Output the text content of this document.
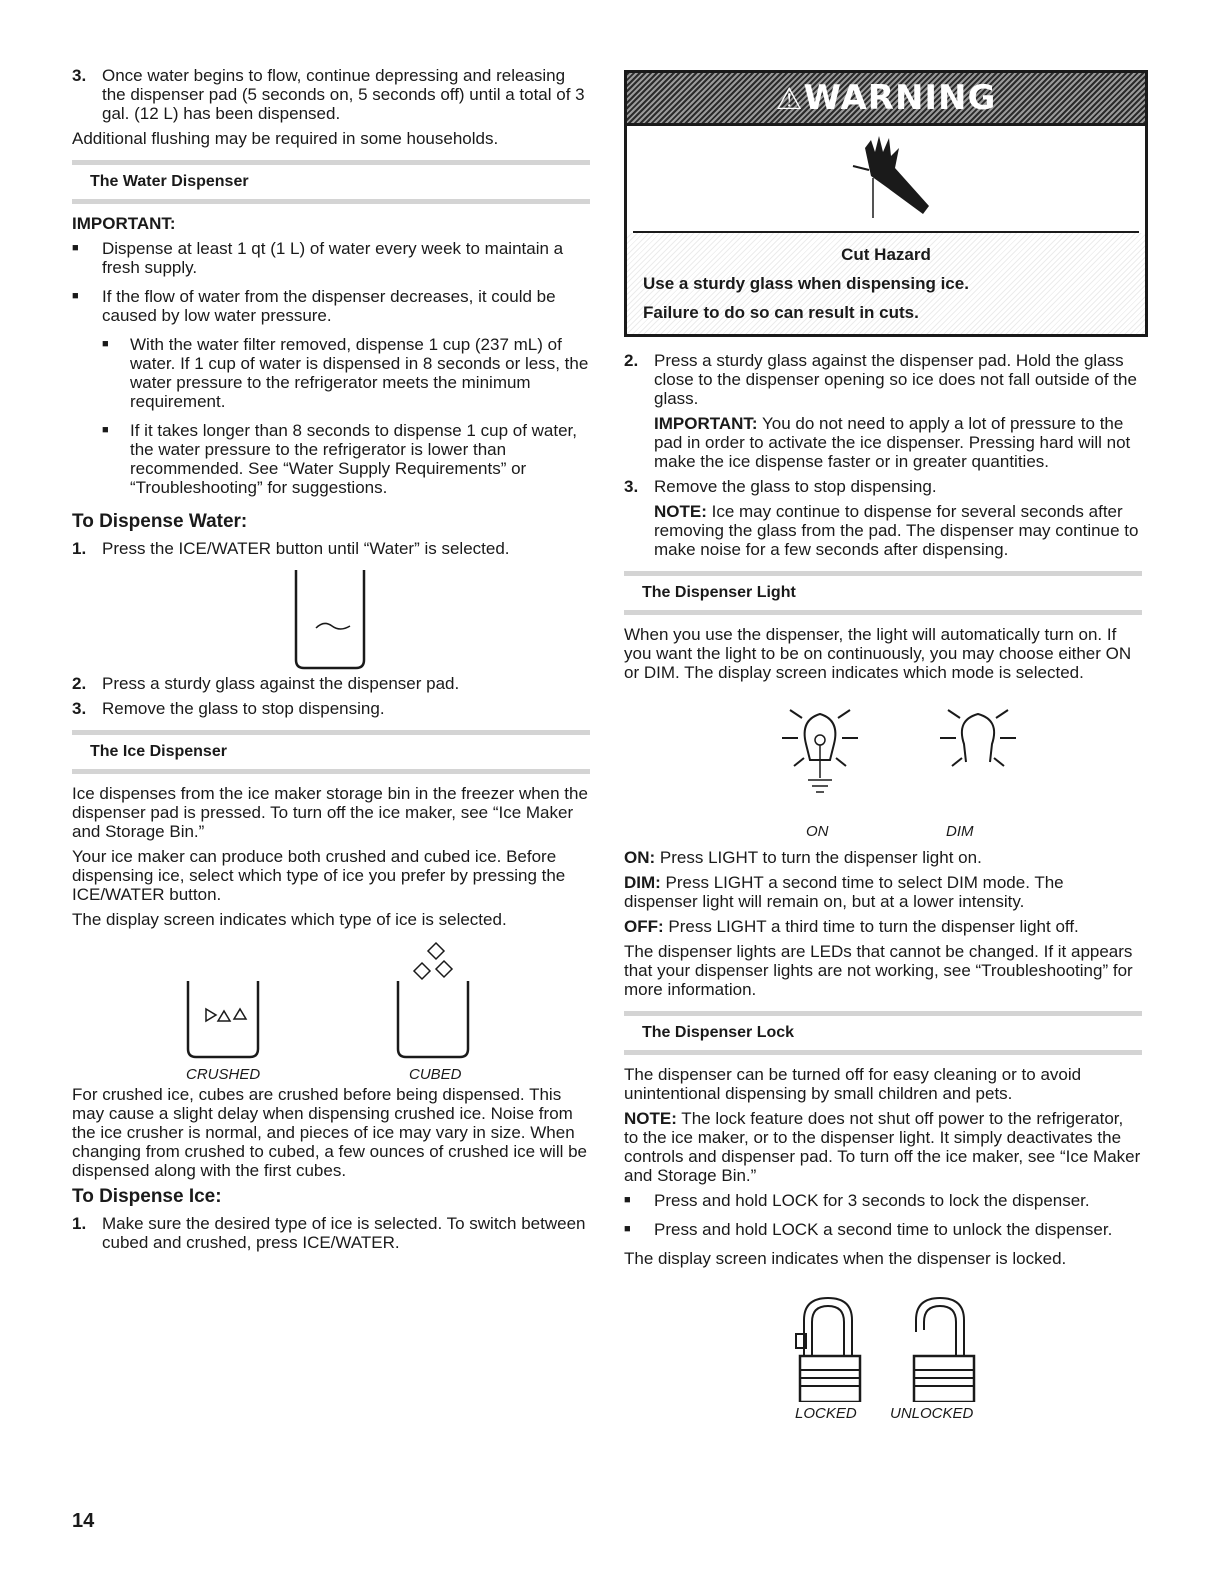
3. Once water begins to flow, continue depressing and releasing the dispenser pad (5 seconds on, 5 seconds off) until a total of 3 gal. (12 L) has been dispensed.

Additional flushing may be required in some households.

The Water Dispenser
IMPORTANT:
■	Dispense at least 1 qt (1 L) of water every week to maintain a fresh supply.
■	If the flow of water from the dispenser decreases, it could be caused by low water pressure.
■	With the water filter removed, dispense 1 cup (237 mL) of water. If 1 cup of water is dispensed in 8 seconds or less, the water pressure to the refrigerator meets the minimum requirement.
■	If it takes longer than 8 seconds to dispense 1 cup of water, the water pressure to the refrigerator is lower than recommended. See “Water Supply Requirements” or “Troubleshooting” for suggestions.
To Dispense Water:
1. Press the ICE/WATER button until “Water” is selected.
2. Press a sturdy glass against the dispenser pad.
3. Remove the glass to stop dispensing.
The Ice Dispenser

Ice dispenses from the ice maker storage bin in the freezer when the dispenser pad is pressed. To turn off the ice maker, see “Ice Maker and Storage Bin.”

Your ice maker can produce both crushed and cubed ice. Before dispensing ice, select which type of ice you prefer by pressing the ICE/WATER button.

The display screen indicates which type of ice is selected.

CRUSHED	CUBED

For crushed ice, cubes are crushed before being dispensed. This may cause a slight delay when dispensing crushed ice. Noise from the ice crusher is normal, and pieces of ice may vary in size. When changing from crushed to cubed, a few ounces of crushed ice will be dispensed along with the first cubes.

To Dispense Ice:
1. Make sure the desired type of ice is selected. To switch between cubed and crushed, press ICE/WATER.
⚠WARNING
Cut Hazard
Use a sturdy glass when dispensing ice.
Failure to do so can result in cuts.
2. Press a sturdy glass against the dispenser pad. Hold the glass close to the dispenser opening so ice does not fall outside of the glass.
IMPORTANT: You do not need to apply a lot of pressure to the pad in order to activate the ice dispenser. Pressing hard will not make the ice dispense faster or in greater quantities.
3. Remove the glass to stop dispensing.
NOTE: Ice may continue to dispense for several seconds after removing the glass from the pad. The dispenser may continue to make noise for a few seconds after dispensing.
The Dispenser Light

When you use the dispenser, the light will automatically turn on. If you want the light to be on continuously, you may choose either ON or DIM. The display screen indicates which mode is selected.

ON	DIM

ON: Press LIGHT to turn the dispenser light on.

DIM: Press LIGHT a second time to select DIM mode. The dispenser light will remain on, but at a lower intensity.

OFF: Press LIGHT a third time to turn the dispenser light off.

The dispenser lights are LEDs that cannot be changed. If it appears that your dispenser lights are not working, see “Troubleshooting” for more information.

The Dispenser Lock

The dispenser can be turned off for easy cleaning or to avoid unintentional dispensing by small children and pets.

NOTE: The lock feature does not shut off power to the refrigerator, to the ice maker, or to the dispenser light. It simply deactivates the controls and dispenser pad. To turn off the ice maker, see “Ice Maker and Storage Bin.”

■	Press and hold LOCK for 3 seconds to lock the dispenser.
■	Press and hold LOCK a second time to unlock the dispenser.

The display screen indicates when the dispenser is locked.

LOCKED UNLOCKED
14
